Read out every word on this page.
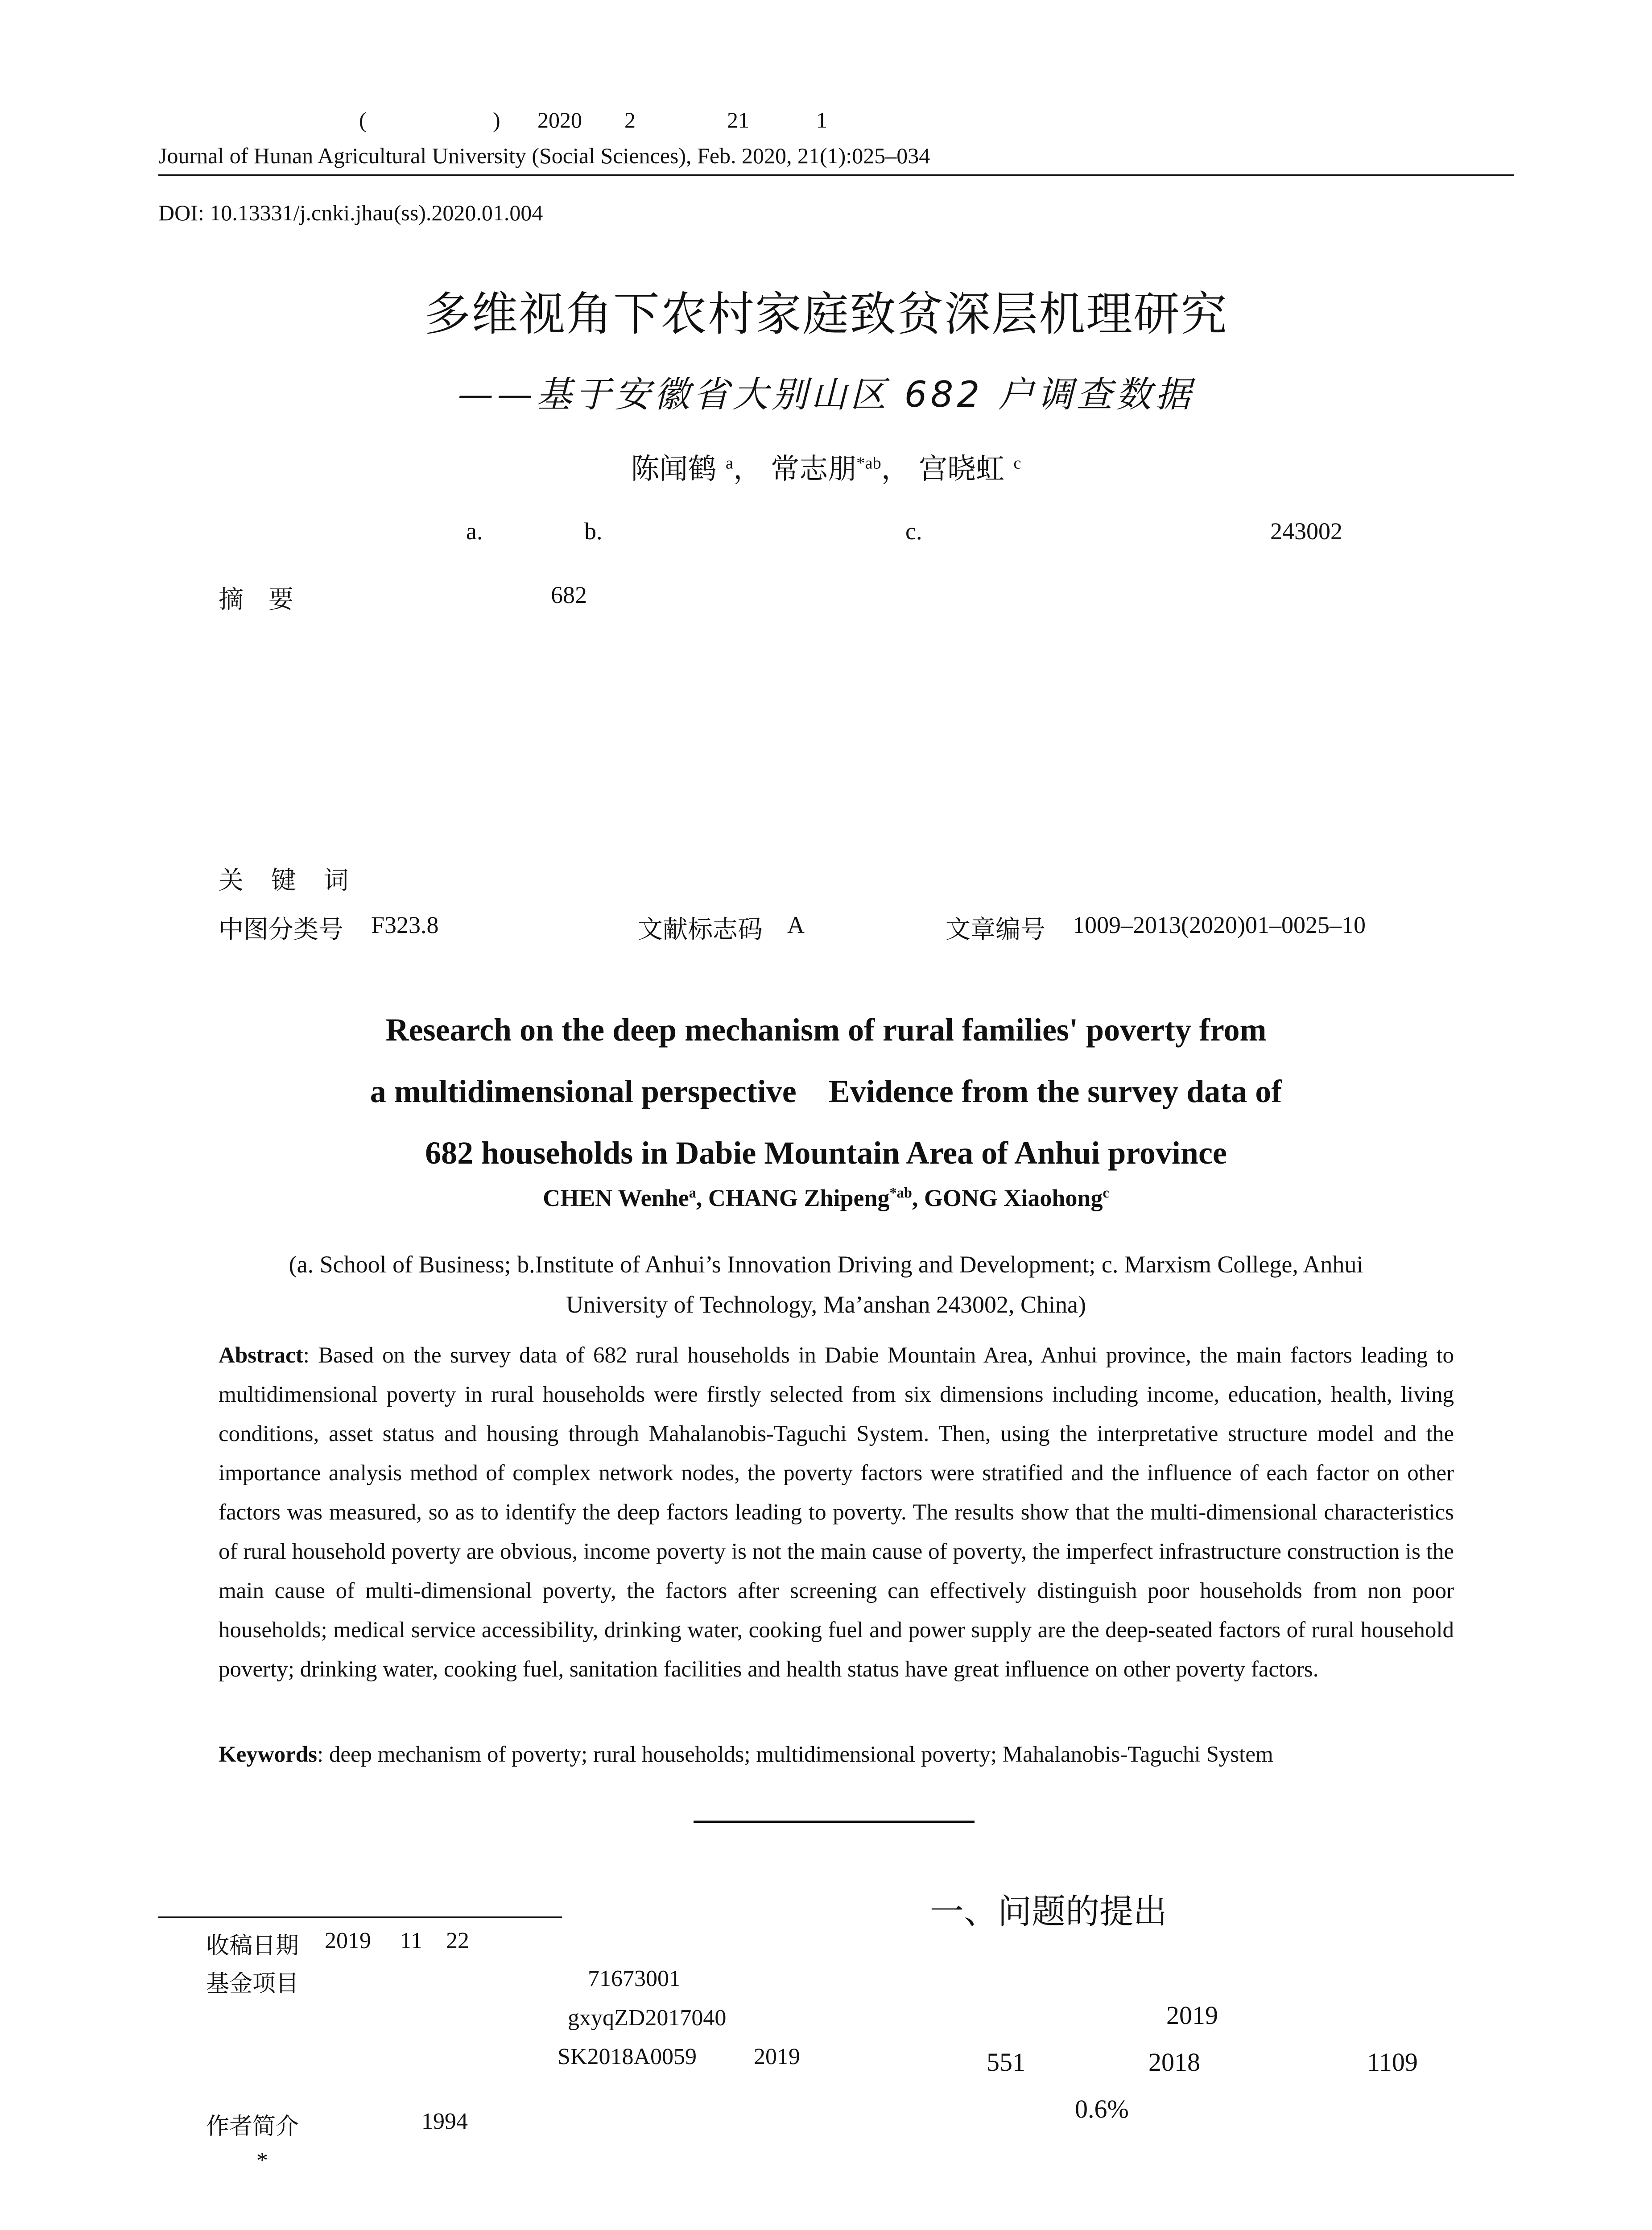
(	) 2020 2	21	1
Journal of Hunan Agricultural University (Social Sciences), Feb. 2020, 21(1):025–034
DOI: 10.13331/j.cnki.jhau(ss).2020.01.004
多维视角下农村家庭致贫深层机理研究
——基于安徽省大别山区 682 户调查数据
陈闻鹤 $^a$， 常志朋$^{*ab}$， 宫晓虹 $^c$
a.	b.	c.	243002
摘　要	682
关 键 词
中图分类号 F323.8	文献标志码 A	文章编号 1009–2013(2020)01–0025–10
Research on the deep mechanism of rural families' poverty from
a multidimensional perspective　Evidence from the survey data of
682 households in Dabie Mountain Area of Anhui province
CHEN Wenhe$^a$, CHANG Zhipeng$^{*ab}$, GONG Xiaohong$^c$
(a. School of Business; b.Institute of Anhui’s Innovation Driving and Development; c. Marxism College, Anhui University of Technology, Ma’anshan 243002, China)
Abstract: Based on the survey data of 682 rural households in Dabie Mountain Area, Anhui province, the main factors leading to multidimensional poverty in rural households were firstly selected from six dimensions including income, education, health, living conditions, asset status and housing through Mahalanobis-Taguchi System. Then, using the interpretative structure model and the importance analysis method of complex network nodes, the poverty factors were stratified and the influence of each factor on other factors was measured, so as to identify the deep factors leading to poverty. The results show that the multi-dimensional characteristics of rural household poverty are obvious, income poverty is not the main cause of poverty, the imperfect infrastructure construction is the main cause of multi-dimensional poverty, the factors after screening can effectively distinguish poor households from non poor households; medical service accessibility, drinking water, cooking fuel and power supply are the deep-seated factors of rural household poverty; drinking water, cooking fuel, sanitation facilities and health status have great influence on other poverty factors.
Keywords: deep mechanism of poverty; rural households; multidimensional poverty; Mahalanobis-Taguchi System
收稿日期 2019 11 22
基金项目	71673001
gxyqZD2017040
SK2018A0059 2019
作者简介	1994
*
一、问题的提出
2019
551	2018	1109
0.6%
